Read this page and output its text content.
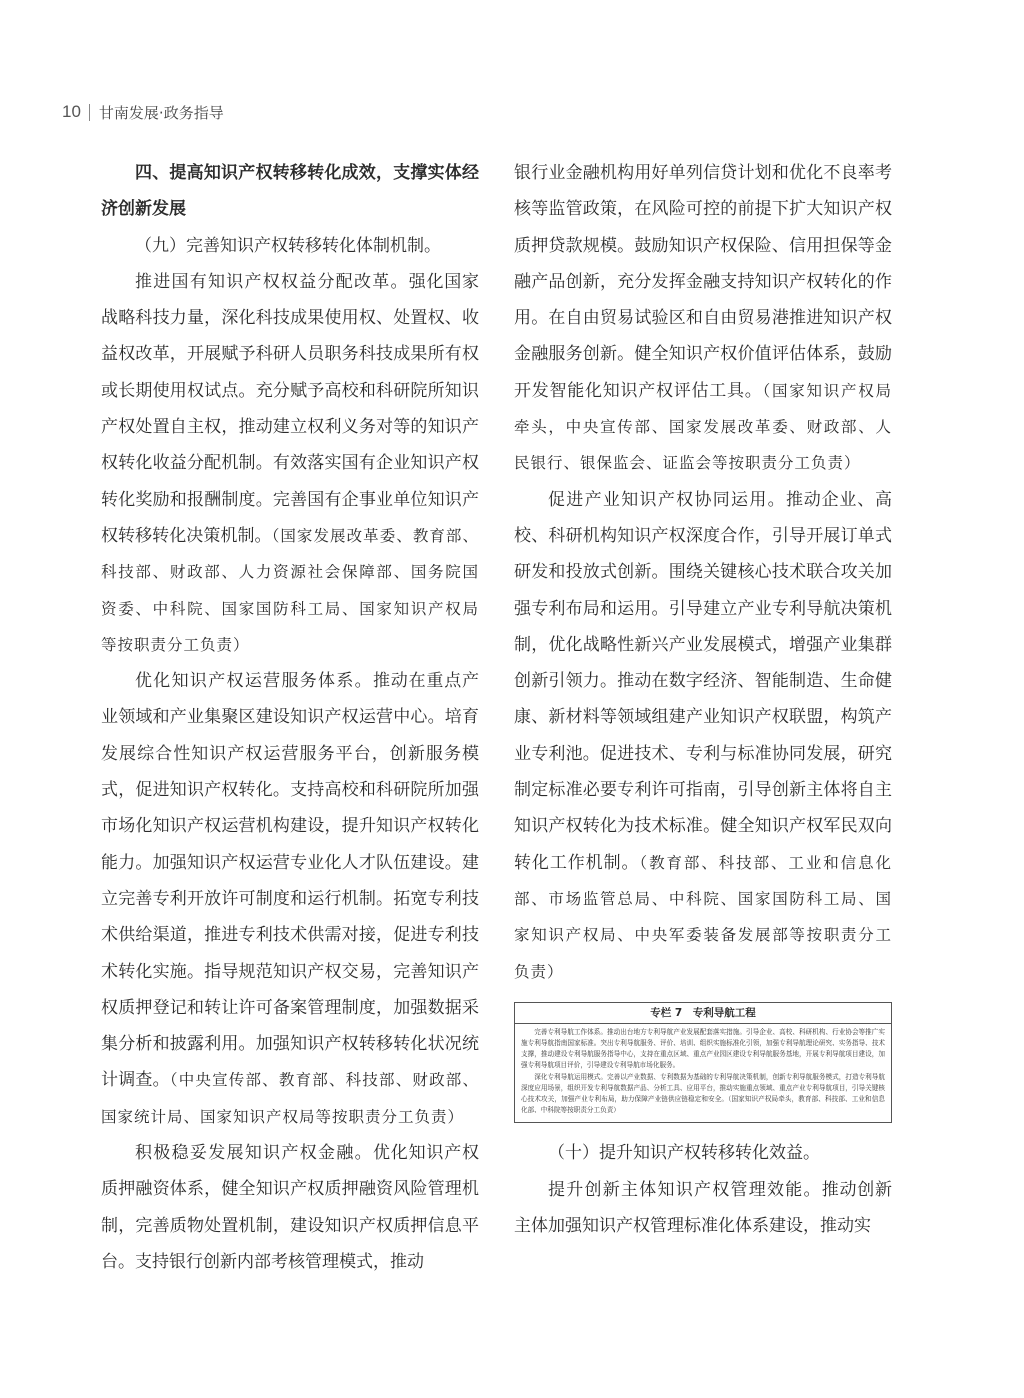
10 甘南发展·政务指导

四、提高知识产权转移转化成效，支撑实体经济创新发展

（九）完善知识产权转移转化体制机制。

推进国有知识产权权益分配改革。强化国家战略科技力量，深化科技成果使用权、处置权、收益权改革，开展赋予科研人员职务科技成果所有权或长期使用权试点。充分赋予高校和科研院所知识产权处置自主权，推动建立权利义务对等的知识产权转化收益分配机制。有效落实国有企业知识产权转化奖励和报酬制度。完善国有企事业单位知识产权转移转化决策机制。（国家发展改革委、教育部、科技部、财政部、人力资源社会保障部、国务院国资委、中科院、国家国防科工局、国家知识产权局等按职责分工负责）

优化知识产权运营服务体系。推动在重点产业领域和产业集聚区建设知识产权运营中心。培育发展综合性知识产权运营服务平台，创新服务模式，促进知识产权转化。支持高校和科研院所加强市场化知识产权运营机构建设，提升知识产权转化能力。加强知识产权运营专业化人才队伍建设。建立完善专利开放许可制度和运行机制。拓宽专利技术供给渠道，推进专利技术供需对接，促进专利技术转化实施。指导规范知识产权交易，完善知识产权质押登记和转让许可备案管理制度，加强数据采集分析和披露利用。加强知识产权转移转化状况统计调查。（中央宣传部、教育部、科技部、财政部、国家统计局、国家知识产权局等按职责分工负责）

积极稳妥发展知识产权金融。优化知识产权质押融资体系，健全知识产权质押融资风险管理机制，完善质物处置机制，建设知识产权质押信息平台。支持银行创新内部考核管理模式，推动

银行业金融机构用好单列信贷计划和优化不良率考核等监管政策，在风险可控的前提下扩大知识产权质押贷款规模。鼓励知识产权保险、信用担保等金融产品创新，充分发挥金融支持知识产权转化的作用。在自由贸易试验区和自由贸易港推进知识产权金融服务创新。健全知识产权价值评估体系，鼓励开发智能化知识产权评估工具。（国家知识产权局牵头，中央宣传部、国家发展改革委、财政部、人民银行、银保监会、证监会等按职责分工负责）

促进产业知识产权协同运用。推动企业、高校、科研机构知识产权深度合作，引导开展订单式研发和投放式创新。围绕关键核心技术联合攻关加强专利布局和运用。引导建立产业专利导航决策机制，优化战略性新兴产业发展模式，增强产业集群创新引领力。推动在数字经济、智能制造、生命健康、新材料等领域组建产业知识产权联盟，构筑产业专利池。促进技术、专利与标准协同发展，研究制定标准必要专利许可指南，引导创新主体将自主知识产权转化为技术标准。健全知识产权军民双向转化工作机制。（教育部、科技部、工业和信息化部、市场监管总局、中科院、国家国防科工局、国家知识产权局、中央军委装备发展部等按职责分工负责）

专栏 7　专利导航工程

完善专利导航工作体系。推动出台地方专利导航产业发展配套落实措施。引导企业、高校、科研机构、行业协会等推广实施专利导航指南国家标准。突出专利导航服务、评价、培训、组织实施标准化引领，加强专利导航理论研究、实务指导、技术支撑，推动建设专利导航服务指导中心，支持在重点区域、重点产业园区建设专利导航服务基地，开展专利导航项目建设，加强专利导航项目评价，引导建设专利导航市场化服务。

深化专利导航运用模式。完善以产业数据、专利数据为基础的专利导航决策机制，创新专利导航服务模式，打造专利导航深度应用场景，组织开发专利导航数据产品、分析工具、应用平台，推动实施重点领域、重点产业专利导航项目，引导关键核心技术攻关，加强产业专利布局，助力保障产业链供应链稳定和安全。（国家知识产权局牵头，教育部、科技部、工业和信息化部、中科院等按职责分工负责）

（十）提升知识产权转移转化效益。

提升创新主体知识产权管理效能。推动创新主体加强知识产权管理标准化体系建设，推动实
